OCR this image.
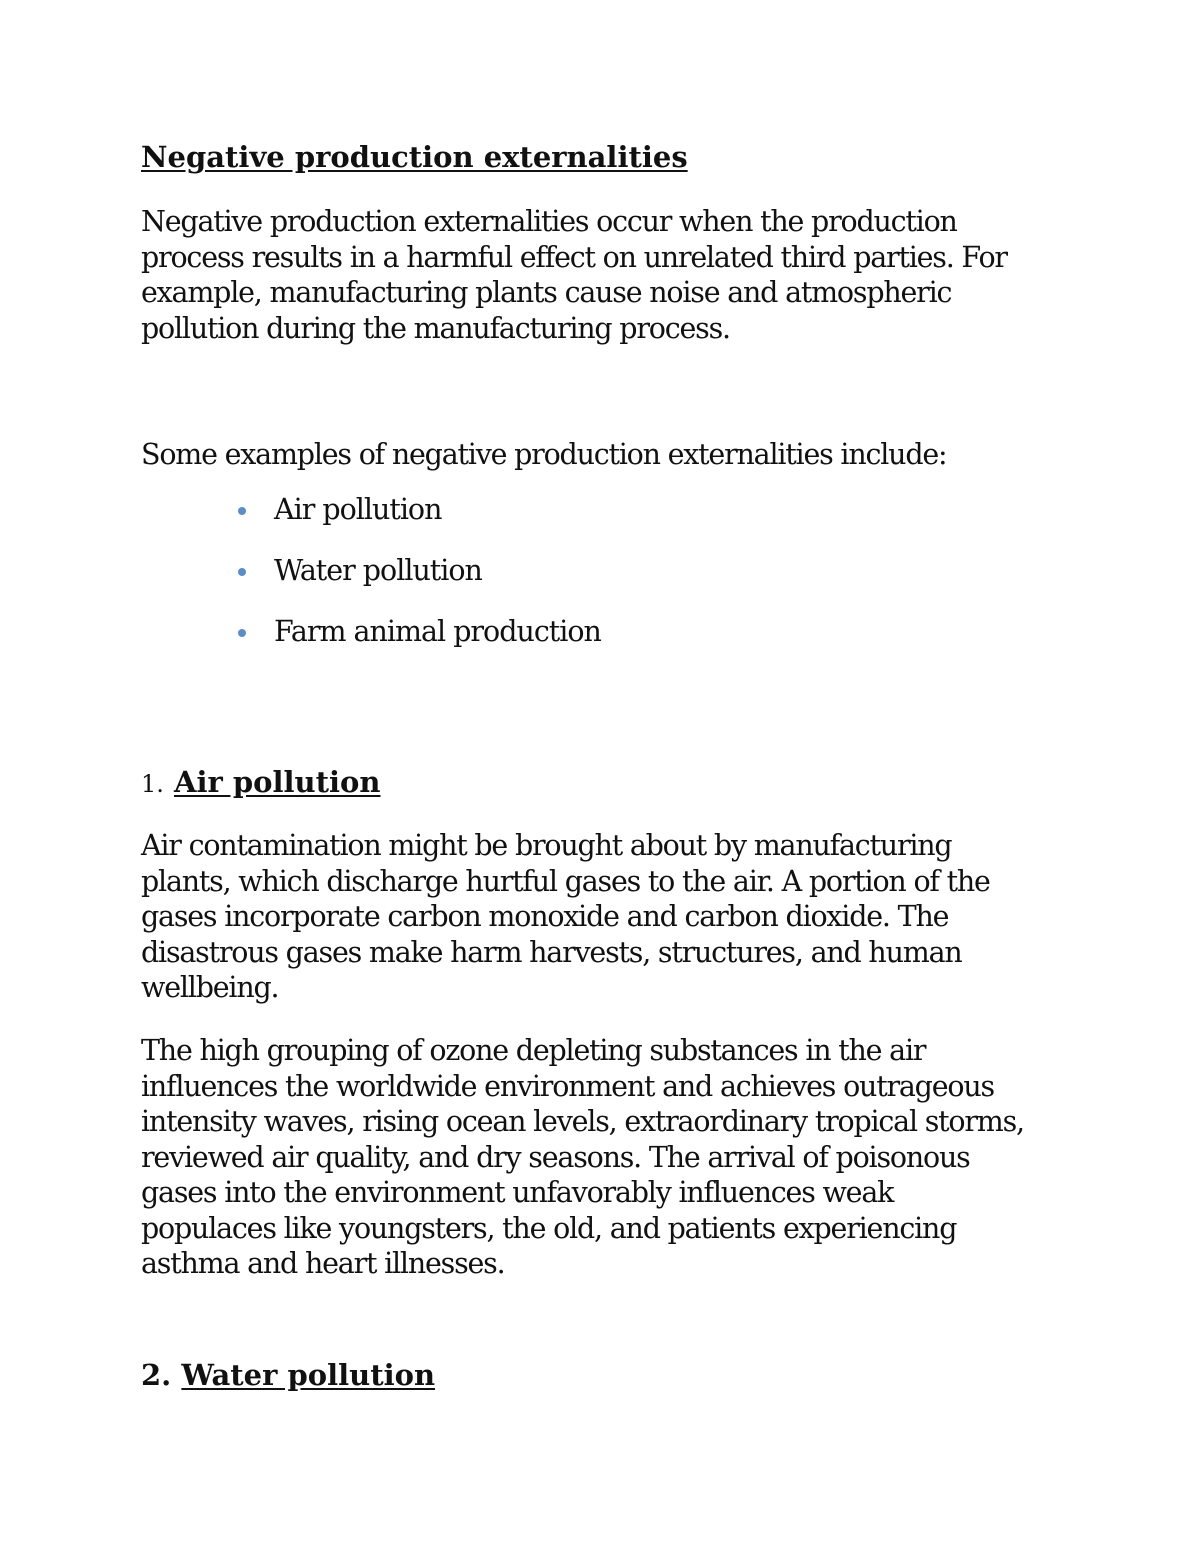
Negative production externalities

Negative production externalities occur when the production
process results in a harmful effect on unrelated third parties. For
example, manufacturing plants cause noise and atmospheric
pollution during the manufacturing process.

Some examples of negative production externalities include:

Air pollution
Water pollution
Farm animal production
1. Air pollution

Air contamination might be brought about by manufacturing
plants, which discharge hurtful gases to the air. A portion of the
gases incorporate carbon monoxide and carbon dioxide. The
disastrous gases make harm harvests, structures, and human
wellbeing.

The high grouping of ozone depleting substances in the air
influences the worldwide environment and achieves outrageous
intensity waves, rising ocean levels, extraordinary tropical storms,
reviewed air quality, and dry seasons. The arrival of poisonous
gases into the environment unfavorably influences weak
populaces like youngsters, the old, and patients experiencing
asthma and heart illnesses.

2. Water pollution
